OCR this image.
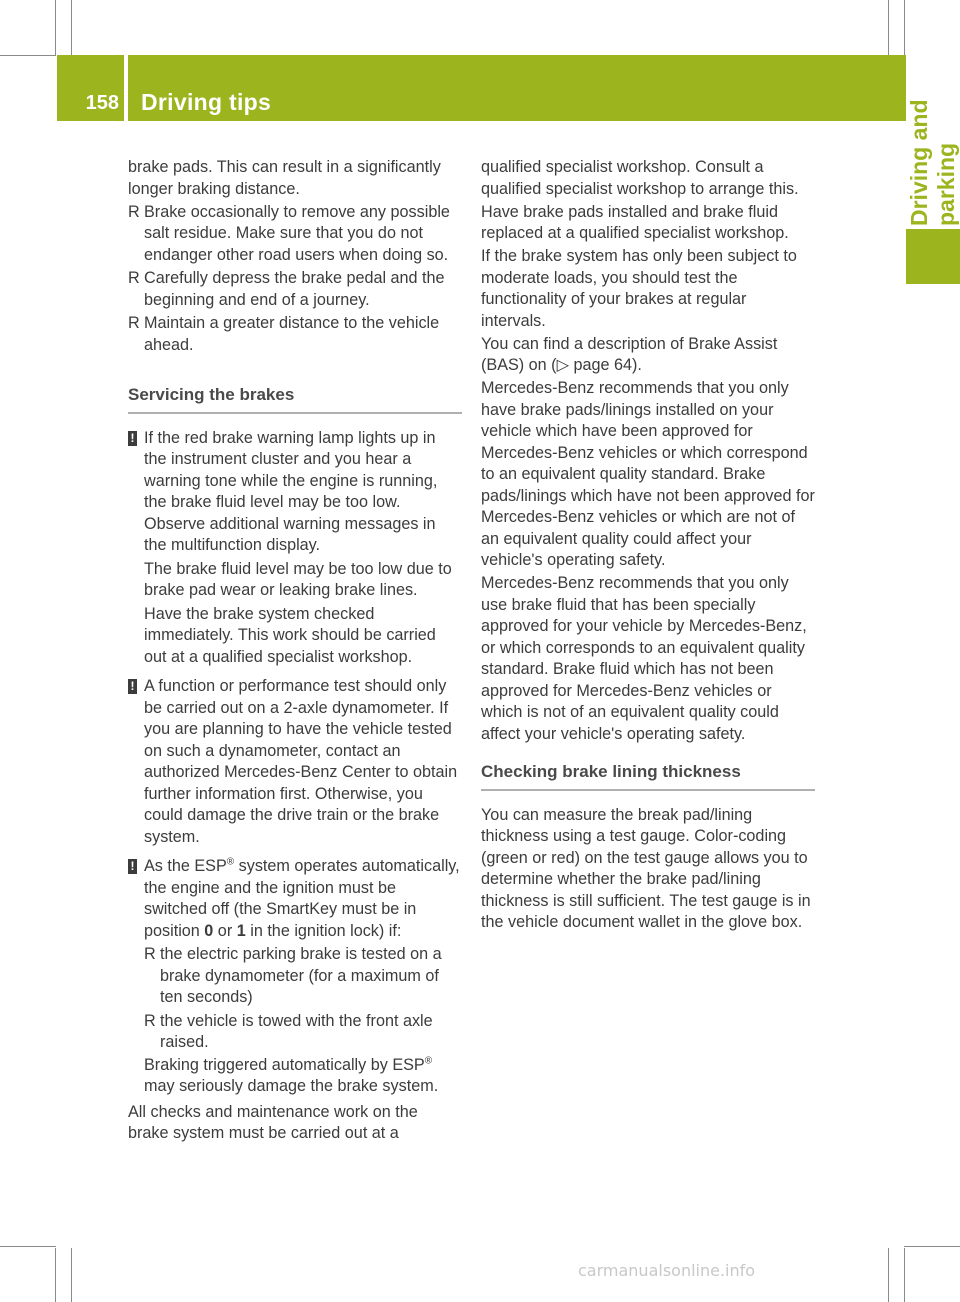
158 Driving tips	Driving and parking

brake pads. This can result in a significantly longer braking distance.

R Brake occasionally to remove any possible salt residue. Make sure that you do not endanger other road users when doing so.
R Carefully depress the brake pedal and the beginning and end of a journey.
R Maintain a greater distance to the vehicle ahead.
Servicing the brakes
! If the red brake warning lamp lights up in the instrument cluster and you hear a warning tone while the engine is running, the brake fluid level may be too low. Observe additional warning messages in the multifunction display.

The brake fluid level may be too low due to brake pad wear or leaking brake lines.

Have the brake system checked immediately. This work should be carried out at a qualified specialist workshop.

! A function or performance test should only be carried out on a 2-axle dynamometer. If you are planning to have the vehicle tested on such a dynamometer, contact an authorized Mercedes-Benz Center to obtain further information first. Otherwise, you could damage the drive train or the brake system.

! As the ESP® system operates automatically, the engine and the ignition must be switched off (the SmartKey must be in position 0 or 1 in the ignition lock) if:

R the electric parking brake is tested on a brake dynamometer (for a maximum of ten seconds)
R the vehicle is towed with the front axle raised.

Braking triggered automatically by ESP®
may seriously damage the brake system.

All checks and maintenance work on the brake system must be carried out at a

qualified specialist workshop. Consult a qualified specialist workshop to arrange this.

Have brake pads installed and brake fluid replaced at a qualified specialist workshop.

If the brake system has only been subject to moderate loads, you should test the functionality of your brakes at regular intervals.

You can find a description of Brake Assist (BAS) on (▷ page 64).

Mercedes-Benz recommends that you only have brake pads/linings installed on your vehicle which have been approved for Mercedes-Benz vehicles or which correspond to an equivalent quality standard. Brake pads/linings which have not been approved for Mercedes-Benz vehicles or which are not of an equivalent quality could affect your vehicle's operating safety.

Mercedes-Benz recommends that you only use brake fluid that has been specially approved for your vehicle by Mercedes-Benz, or which corresponds to an equivalent quality standard. Brake fluid which has not been approved for Mercedes-Benz vehicles or which is not of an equivalent quality could affect your vehicle's operating safety.

Checking brake lining thickness

You can measure the break pad/lining thickness using a test gauge. Color-coding (green or red) on the test gauge allows you to determine whether the brake pad/lining thickness is still sufficient. The test gauge is in the vehicle document wallet in the glove box.

carmanualsonline.info
